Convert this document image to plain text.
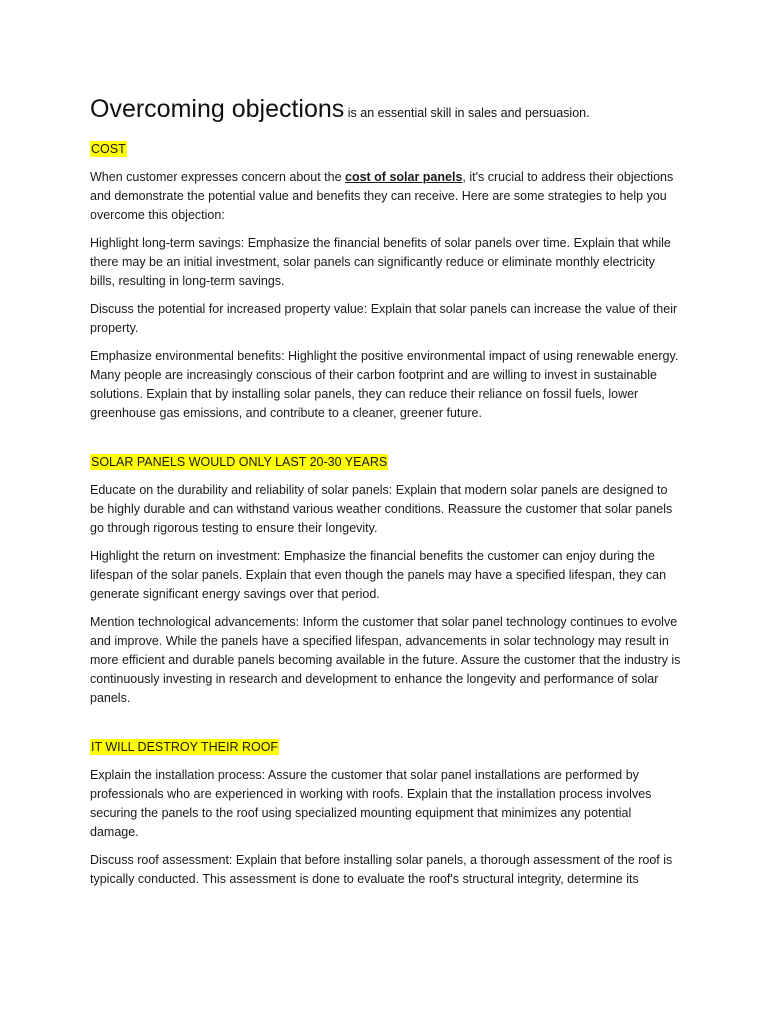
Overcoming objections is an essential skill in sales and persuasion.

COST

When customer expresses concern about the cost of solar panels, it's crucial to address their objections and demonstrate the potential value and benefits they can receive. Here are some strategies to help you overcome this objection:

Highlight long-term savings: Emphasize the financial benefits of solar panels over time. Explain that while there may be an initial investment, solar panels can significantly reduce or eliminate monthly electricity bills, resulting in long-term savings.

Discuss the potential for increased property value: Explain that solar panels can increase the value of their property.

Emphasize environmental benefits: Highlight the positive environmental impact of using renewable energy. Many people are increasingly conscious of their carbon footprint and are willing to invest in sustainable solutions. Explain that by installing solar panels, they can reduce their reliance on fossil fuels, lower greenhouse gas emissions, and contribute to a cleaner, greener future.

SOLAR PANELS WOULD ONLY LAST 20-30 YEARS

Educate on the durability and reliability of solar panels: Explain that modern solar panels are designed to be highly durable and can withstand various weather conditions. Reassure the customer that solar panels go through rigorous testing to ensure their longevity.

Highlight the return on investment: Emphasize the financial benefits the customer can enjoy during the lifespan of the solar panels. Explain that even though the panels may have a specified lifespan, they can generate significant energy savings over that period.

Mention technological advancements: Inform the customer that solar panel technology continues to evolve and improve. While the panels have a specified lifespan, advancements in solar technology may result in more efficient and durable panels becoming available in the future. Assure the customer that the industry is continuously investing in research and development to enhance the longevity and performance of solar panels.

IT WILL DESTROY THEIR ROOF

Explain the installation process: Assure the customer that solar panel installations are performed by professionals who are experienced in working with roofs. Explain that the installation process involves securing the panels to the roof using specialized mounting equipment that minimizes any potential damage.

Discuss roof assessment: Explain that before installing solar panels, a thorough assessment of the roof is typically conducted. This assessment is done to evaluate the roof's structural integrity, determine its
